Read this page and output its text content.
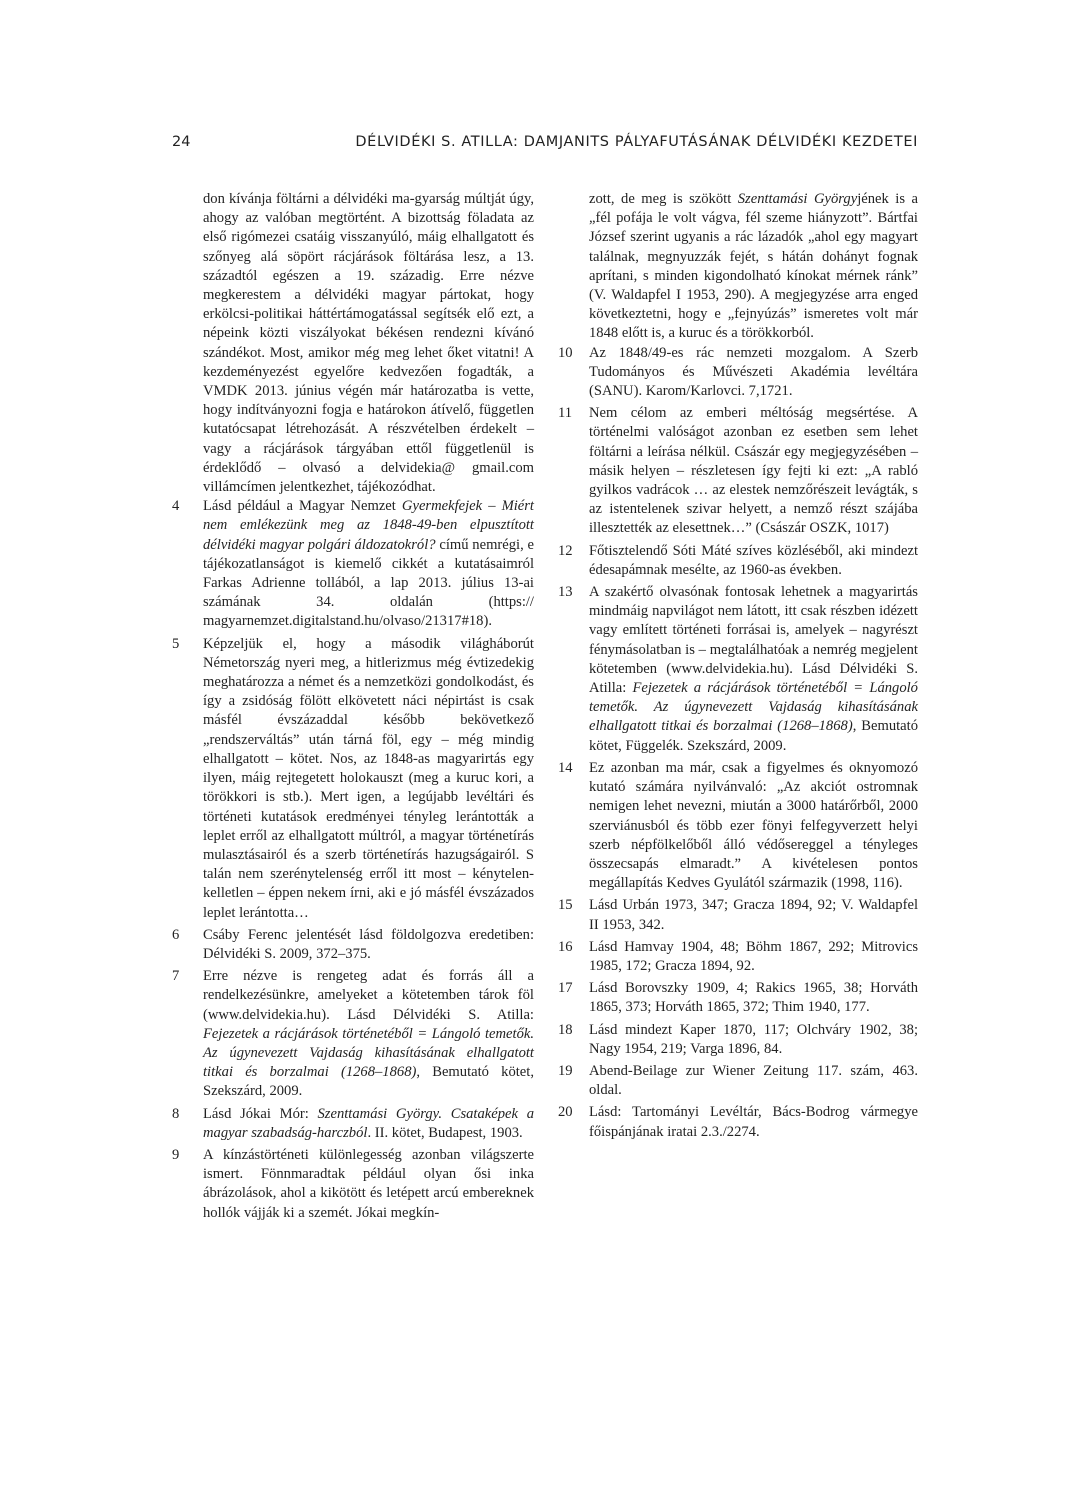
24	DÉLVIDÉKI S. ATILLA: DAMJANITS PÁLYAFUTÁSÁNAK DÉLVIDÉKI KEZDETEI

don kívánja föltárni a délvidéki ma-gyarság múltját úgy, ahogy az valóban megtörtént. A bizottság föladata az első rigómezei csatáig visszanyúló, máig elhallgatott és szőnyeg alá söpört rácjárások föltárása lesz, a 13. századtól egészen a 19. századig. Erre nézve megkerestem a délvidéki magyar pártokat, hogy erkölcsi-politikai háttértámogatással segítsék elő ezt, a népeink közti viszályokat békésen rendezni kívánó szándékot. Most, amikor még meg lehet őket vitatni! A kezdeményezést egyelőre kedvezően fogadták, a VMDK 2013. június végén már határozatba is vette, hogy indítványozni fogja e határokon átívelő, független kutatócsapat létrehozását. A részvételben érdekelt – vagy a rácjárások tárgyában ettől függetlenül is érdeklődő – olvasó a delvidekia@ gmail.com villámcímen jelentkezhet, tájékozódhat.

4 Lásd például a Magyar Nemzet Gyermekfejek – Miért nem emlékezünk meg az 1848-49-ben elpusztított délvidéki magyar polgári áldozatokról? című nemrégi, e tájékozatlanságot is kiemelő cikkét a kutatásaimról Farkas Adrienne tollából, a lap 2013. július 13-ai számának 34. oldalán (https:// magyarnemzet.digitalstand.hu/olvaso/21317#18).
5 Képzeljük el, hogy a második világháborút Németország nyeri meg, a hitlerizmus még évtizedekig meghatározza a német és a nemzetközi gondolkodást, és így a zsidóság fölött elkövetett náci népirtást is csak másfél évszázaddal később bekövetkező „rendszerváltás” után tárná föl, egy – még mindig elhallgatott – kötet. Nos, az 1848-as magyarirtás egy ilyen, máig rejtegetett holokauszt (meg a kuruc kori, a törökkori is stb.). Mert igen, a legújabb levéltári és történeti kutatások eredményei tényleg lerántották a leplet erről az elhallgatott múltról, a magyar történetírás mulasztásairól és a szerb történetírás hazugságairól. S talán nem szerénytelenség erről itt most – kénytelen-kelletlen – éppen nekem írni, aki e jó másfél évszázados leplet lerántotta…
6 Csáby Ferenc jelentését lásd földolgozva eredetiben: Délvidéki S. 2009, 372–375.
7 Erre nézve is rengeteg adat és forrás áll a rendelkezésünkre, amelyeket a kötetemben tárok föl (www.delvidekia.hu). Lásd Délvidéki S. Atilla: Fejezetek a rácjárások történetéből = Lángoló temetők. Az úgynevezett Vajdaság kihasításának elhallgatott titkai és borzalmai (1268–1868), Bemutató kötet, Szekszárd, 2009.
8 Lásd Jókai Mór: Szenttamási György. Csataképek a magyar szabadság-harczból. II. kötet, Budapest, 1903.
9 A kínzástörténeti különlegesség azonban világszerte ismert. Fönnmaradtak például olyan ősi inka ábrázolások, ahol a kikötött és letépett arcú embereknek hollók vájják ki a szemét. Jókai megkín-

zott, de meg is szökött Szenttamási Györgyjének is a „fél pofája le volt vágva, fél szeme hiányzott”. Bártfai József szerint ugyanis a rác lázadók „ahol egy magyart találnak, megnyuzzák fejét, s hátán dohányt fognak aprítani, s minden kigondolható kínokat mérnek ránk” (V. Waldapfel I 1953, 290). A megjegyzése arra enged következtetni, hogy e „fejnyúzás” ismeretes volt már 1848 előtt is, a kuruc és a törökkorból.

10 Az 1848/49-es rác nemzeti mozgalom. A Szerb Tudományos és Művészeti Akadémia levéltára (SANU). Karom/Karlovci. 7,1721.
11 Nem célom az emberi méltóság megsértése. A történelmi valóságot azonban ez esetben sem lehet föltárni a leírása nélkül. Császár egy megjegyzésében – másik helyen – részletesen így fejti ki ezt: „A rabló gyilkos vadrácok … az elestek nemzőrészeit levágták, s az istentelenek szivar helyett, a nemző részt szájába illesztették az elesettnek…” (Császár OSZK, 1017)
12 Főtisztelendő Sóti Máté szíves közléséből, aki mindezt édesapámnak mesélte, az 1960-as években.
13 A szakértő olvasónak fontosak lehetnek a magyarirtás mindmáig napvilágot nem látott, itt csak részben idézett vagy említett történeti forrásai is, amelyek – nagyrészt fénymásolatban is – megtalálhatóak a nemrég megjelent kötetemben (www.delvidekia.hu). Lásd Délvidéki S. Atilla: Fejezetek a rácjárások történetéből = Lángoló temetők. Az úgynevezett Vajdaság kihasításának elhallgatott titkai és borzalmai (1268–1868), Bemutató kötet, Függelék. Szekszárd, 2009.
14 Ez azonban ma már, csak a figyelmes és oknyomozó kutató számára nyilvánvaló: „Az akciót ostromnak nemigen lehet nevezni, miután a 3000 határőrből, 2000 szerviánusból és több ezer fönyi felfegyverzett helyi szerb népfölkelőből álló védősereggel a tényleges összecsapás elmaradt.” A kivételesen pontos megállapítás Kedves Gyulától származik (1998, 116).
15 Lásd Urbán 1973, 347; Gracza 1894, 92; V. Waldapfel II 1953, 342.
16 Lásd Hamvay 1904, 48; Böhm 1867, 292; Mitrovics 1985, 172; Gracza 1894, 92.
17 Lásd Borovszky 1909, 4; Rakics 1965, 38; Horváth 1865, 373; Horváth 1865, 372; Thim 1940, 177.
18 Lásd mindezt Kaper 1870, 117; Olchváry 1902, 38; Nagy 1954, 219; Varga 1896, 84.
19 Abend-Beilage zur Wiener Zeitung 117. szám, 463. oldal.
20 Lásd: Tartományi Levéltár, Bács-Bodrog vármegye főispánjának iratai 2.3./2274.
